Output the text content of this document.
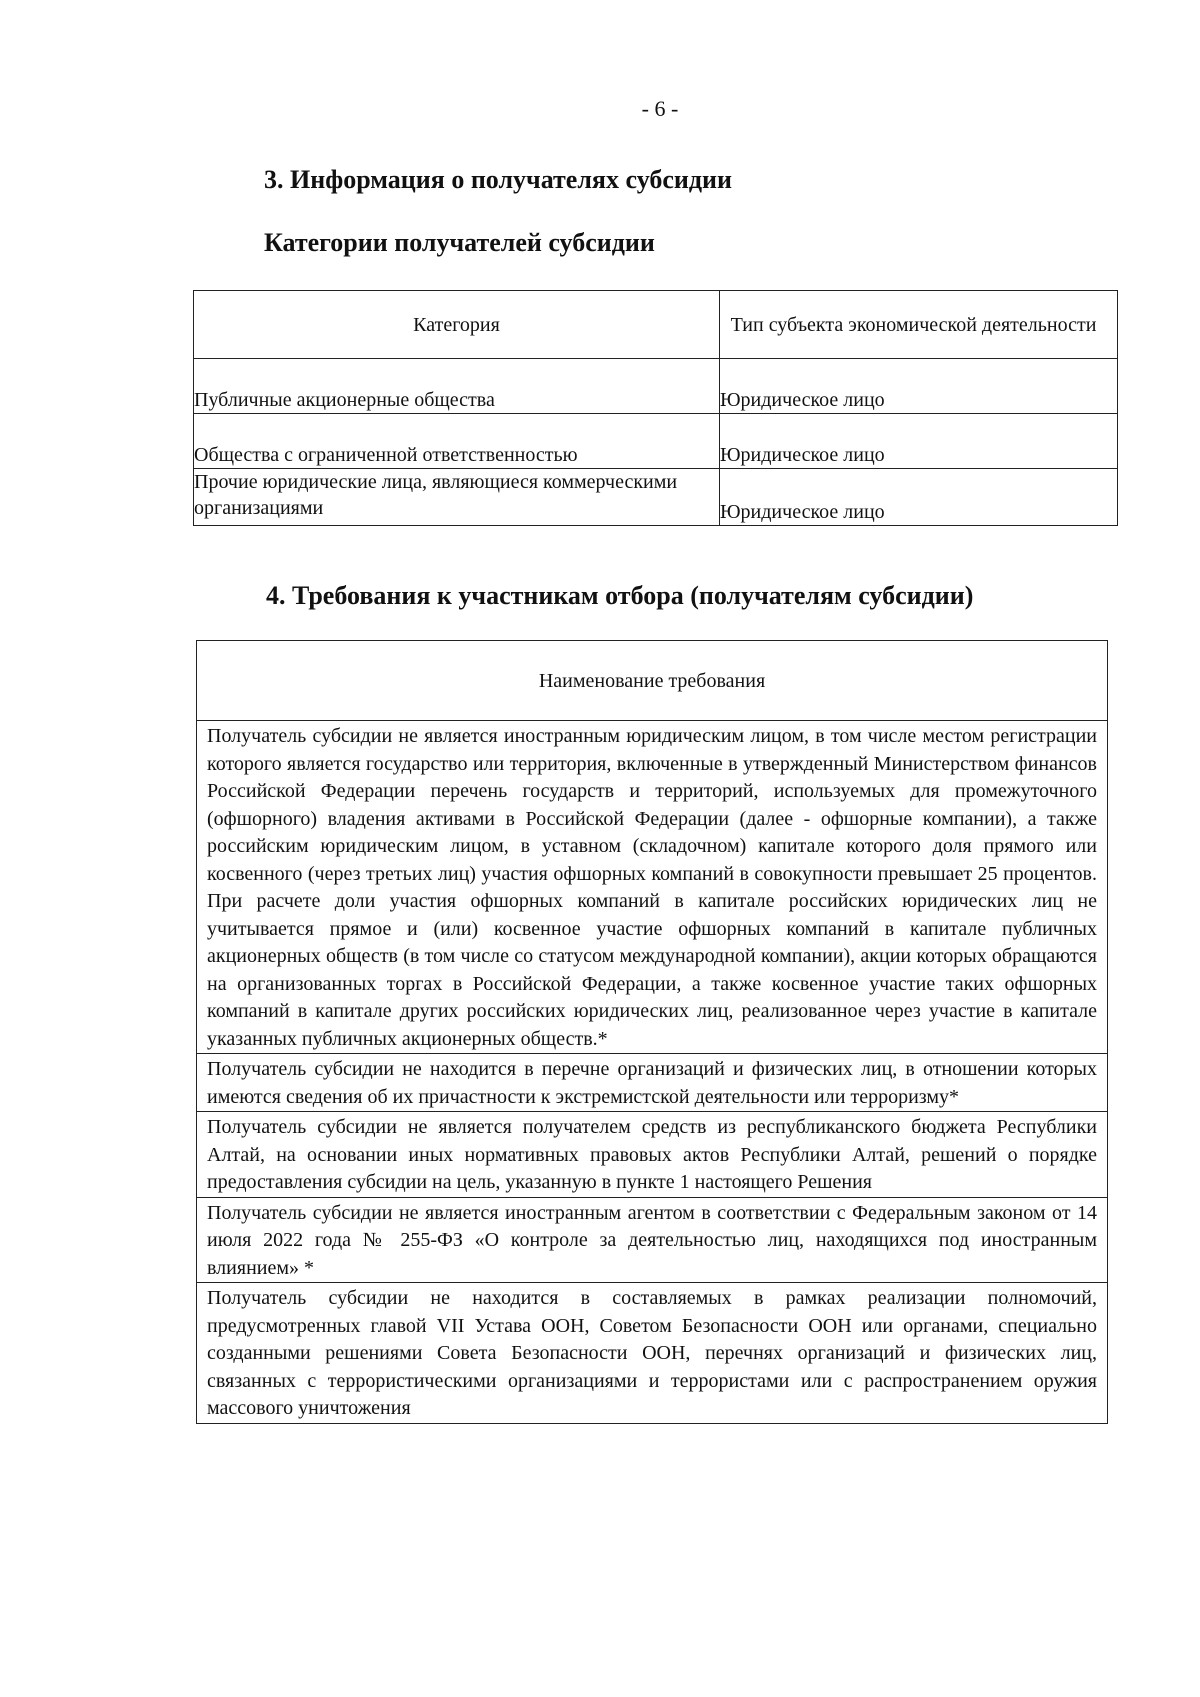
- 6 -
3. Информация о получателях субсидии
Категории получателей субсидии
Категория	Тип субъекта экономической деятельности
Публичные акционерные общества	Юридическое лицо
Общества с ограниченной ответственностью	Юридическое лицо
Прочие юридические лица, являющиеся коммерческими организациями	Юридическое лицо
4. Требования к участникам отбора (получателям субсидии)
Наименование требования
Получатель субсидии не является иностранным юридическим лицом, в том числе местом регистрации которого является государство или территория, включенные в утвержденный Министерством финансов Российской Федерации перечень государств и территорий, используемых для промежуточного (офшорного) владения активами в Российской Федерации (далее - офшорные компании), а также российским юридическим лицом, в уставном (складочном) капитале которого доля прямого или косвенного (через третьих лиц) участия офшорных компаний в совокупности превышает 25 процентов. При расчете доли участия офшорных компаний в капитале российских юридических лиц не учитывается прямое и (или) косвенное участие офшорных компаний в капитале публичных акционерных обществ (в том числе со статусом международной компании), акции которых обращаются на организованных торгах в Российской Федерации, а также косвенное участие таких офшорных компаний в капитале других российских юридических лиц, реализованное через участие в капитале указанных публичных акционерных обществ.*
Получатель субсидии не находится в перечне организаций и физических лиц, в отношении которых имеются сведения об их причастности к экстремистской деятельности или терроризму*
Получатель субсидии не является получателем средств из республиканского бюджета Республики Алтай, на основании иных нормативных правовых актов Республики Алтай, решений о порядке предоставления субсидии на цель, указанную в пункте 1 настоящего Решения
Получатель субсидии не является иностранным агентом в соответствии с Федеральным законом от 14 июля 2022 года № 255-ФЗ «О контроле за деятельностью лиц, находящихся под иностранным влиянием» *
Получатель субсидии не находится в составляемых в рамках реализации полномочий, предусмотренных главой VII Устава ООН, Советом Безопасности ООН или органами, специально созданными решениями Совета Безопасности ООН, перечнях организаций и физических лиц, связанных с террористическими организациями и террористами или с распространением оружия массового уничтожения
